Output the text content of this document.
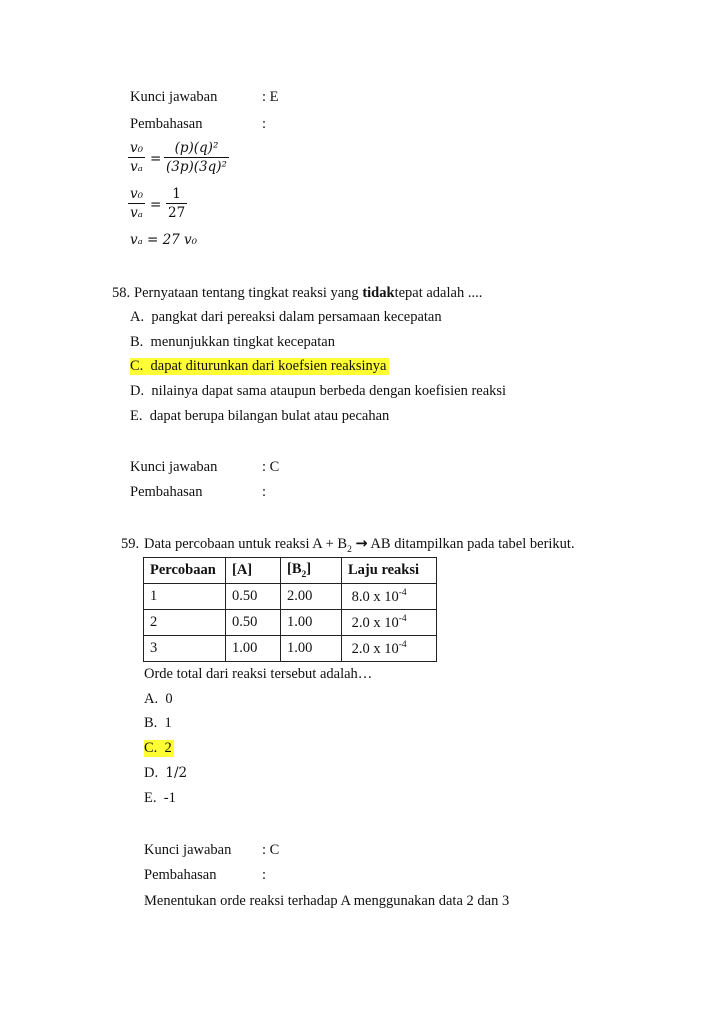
Kunci jawaban	: E
Pembahasan	:
$\frac{\text{v₀}}{\text{vₐ}} = \frac{\text{(p)(q)²}}{\text{(3p)(3q)²}}$
$\frac{\text{v₀}}{\text{vₐ}} = \frac{1}{27}$
vₐ = 27 v₀
58. Pernyataan tentang tingkat reaksi yang tidaktepat adalah ....
A. pangkat dari pereaksi dalam persamaan kecepatan
B. menunjukkan tingkat kecepatan
C. dapat diturunkan dari koefsien reaksinya
D. nilainya dapat sama ataupun berbeda dengan koefisien reaksi
E. dapat berupa bilangan bulat atau pecahan
Kunci jawaban	: C
Pembahasan	:
59. Data percobaan untuk reaksi $A + B_2$ → AB ditampilkan pada tabel berikut.
Percobaan	[A]	$[B_2]$	Laju reaksi
1	0.50	2.00	8.0 x $10^{-4}$
2	0.50	1.00	2.0 x $10^{-4}$
3	1.00	1.00	2.0 x $10^{-4}$
Orde total dari reaksi tersebut adalah…
A. 0
B. 1
C. 2
D. 1/2
E. -1
Kunci jawaban : C
Pembahasan	:
Menentukan orde reaksi terhadap A menggunakan data 2 dan 3
